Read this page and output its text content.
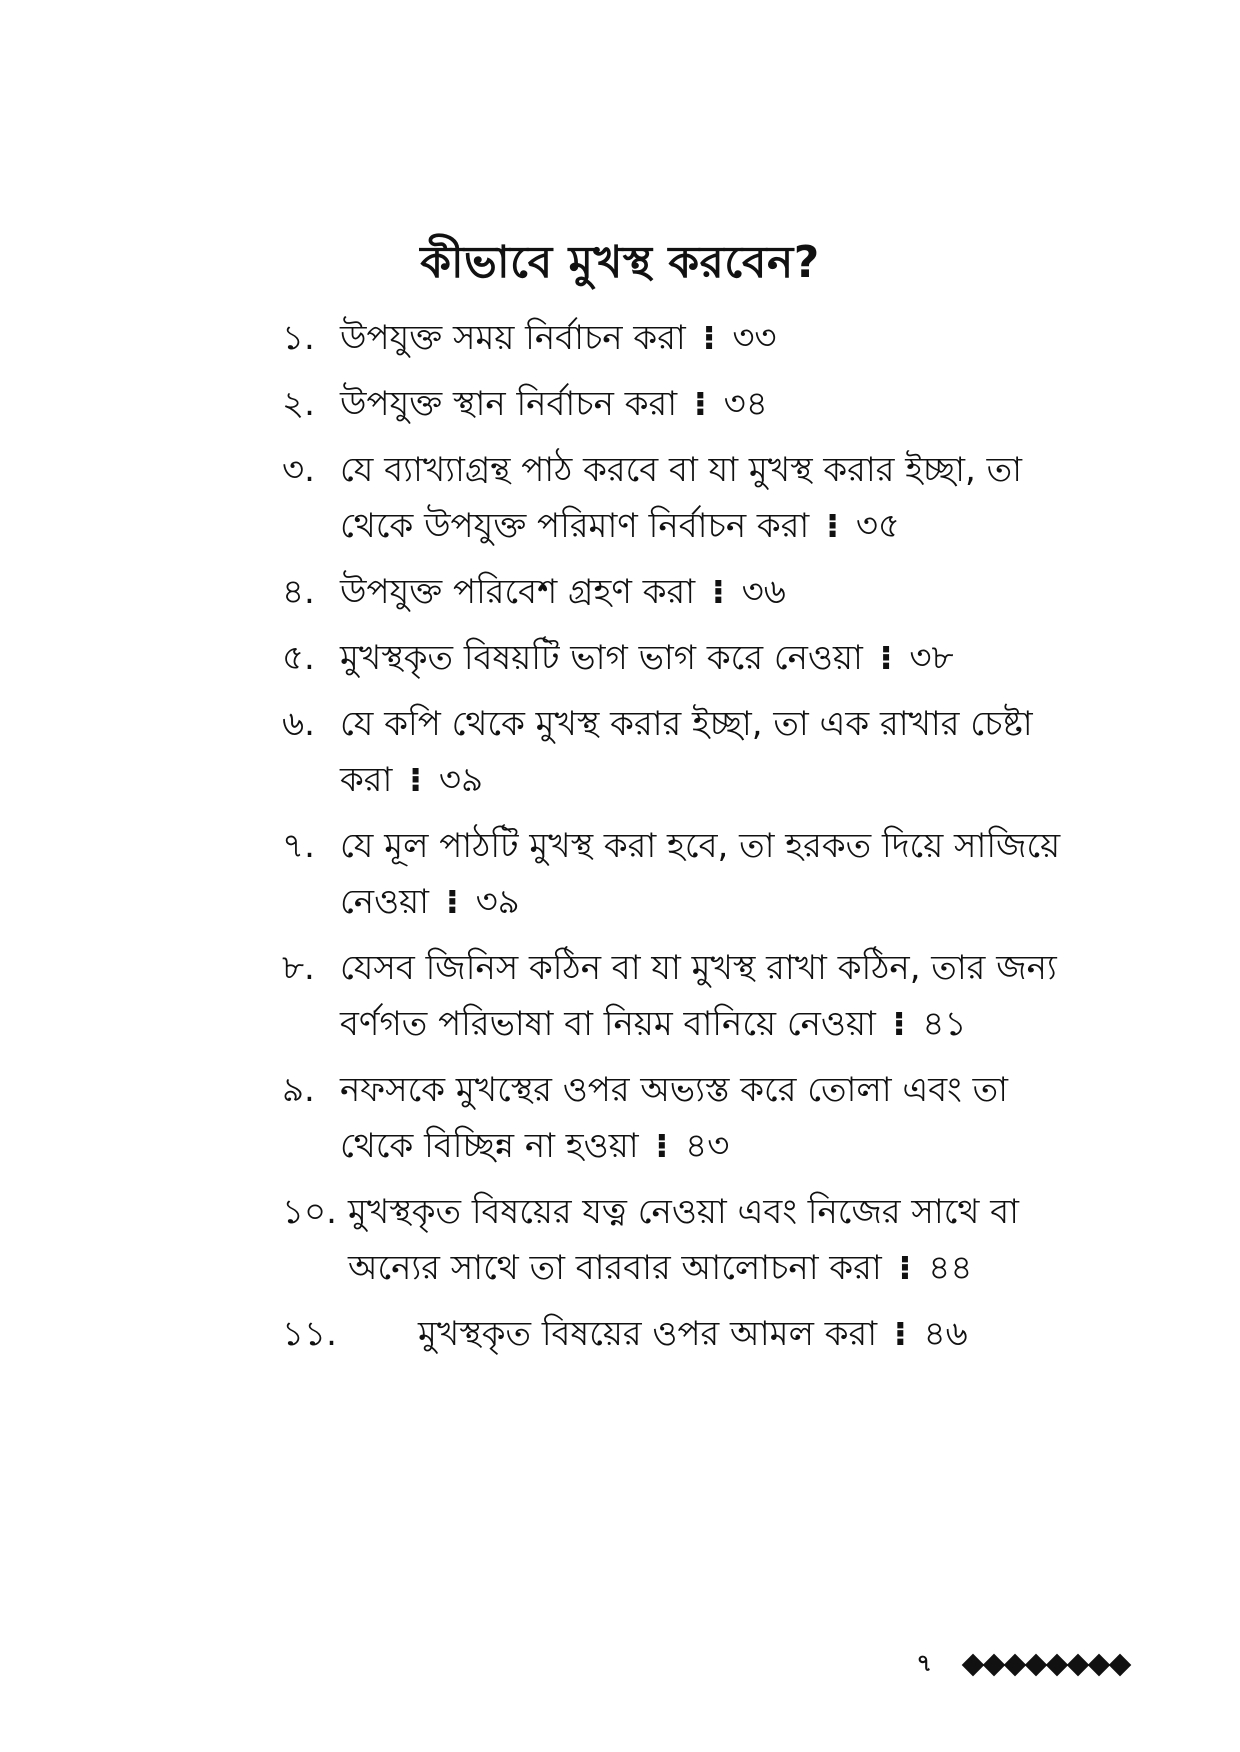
কীভাবে মুখস্থ করবেন?
১. উপযুক্ত সময় নির্বাচন করা ⁝ ৩৩
২. উপযুক্ত স্থান নির্বাচন করা ⁝ ৩৪
৩. যে ব্যাখ্যাগ্রন্থ পাঠ করবে বা যা মুখস্থ করার ইচ্ছা, তা থেকে উপযুক্ত পরিমাণ নির্বাচন করা ⁝ ৩৫
৪. উপযুক্ত পরিবেশ গ্রহণ করা ⁝ ৩৬
৫. মুখস্থকৃত বিষয়টি ভাগ ভাগ করে নেওয়া ⁝ ৩৮
৬. যে কপি থেকে মুখস্থ করার ইচ্ছা, তা এক রাখার চেষ্টা করা ⁝ ৩৯
৭. যে মূল পাঠটি মুখস্থ করা হবে, তা হরকত দিয়ে সাজিয়ে নেওয়া ⁝ ৩৯
৮. যেসব জিনিস কঠিন বা যা মুখস্থ রাখা কঠিন, তার জন্য বর্ণগত পরিভাষা বা নিয়ম বানিয়ে নেওয়া ⁝ ৪১
৯. নফসকে মুখস্থের ওপর অভ্যস্ত করে তোলা এবং তা থেকে বিচ্ছিন্ন না হওয়া ⁝ ৪৩
১০. মুখস্থকৃত বিষয়ের যত্ন নেওয়া এবং নিজের সাথে বা অন্যের সাথে তা বারবার আলোচনা করা ⁝ ৪৪
১১.	মুখস্থকৃত বিষয়ের ওপর আমল করা ⁝ ৪৬
৭
